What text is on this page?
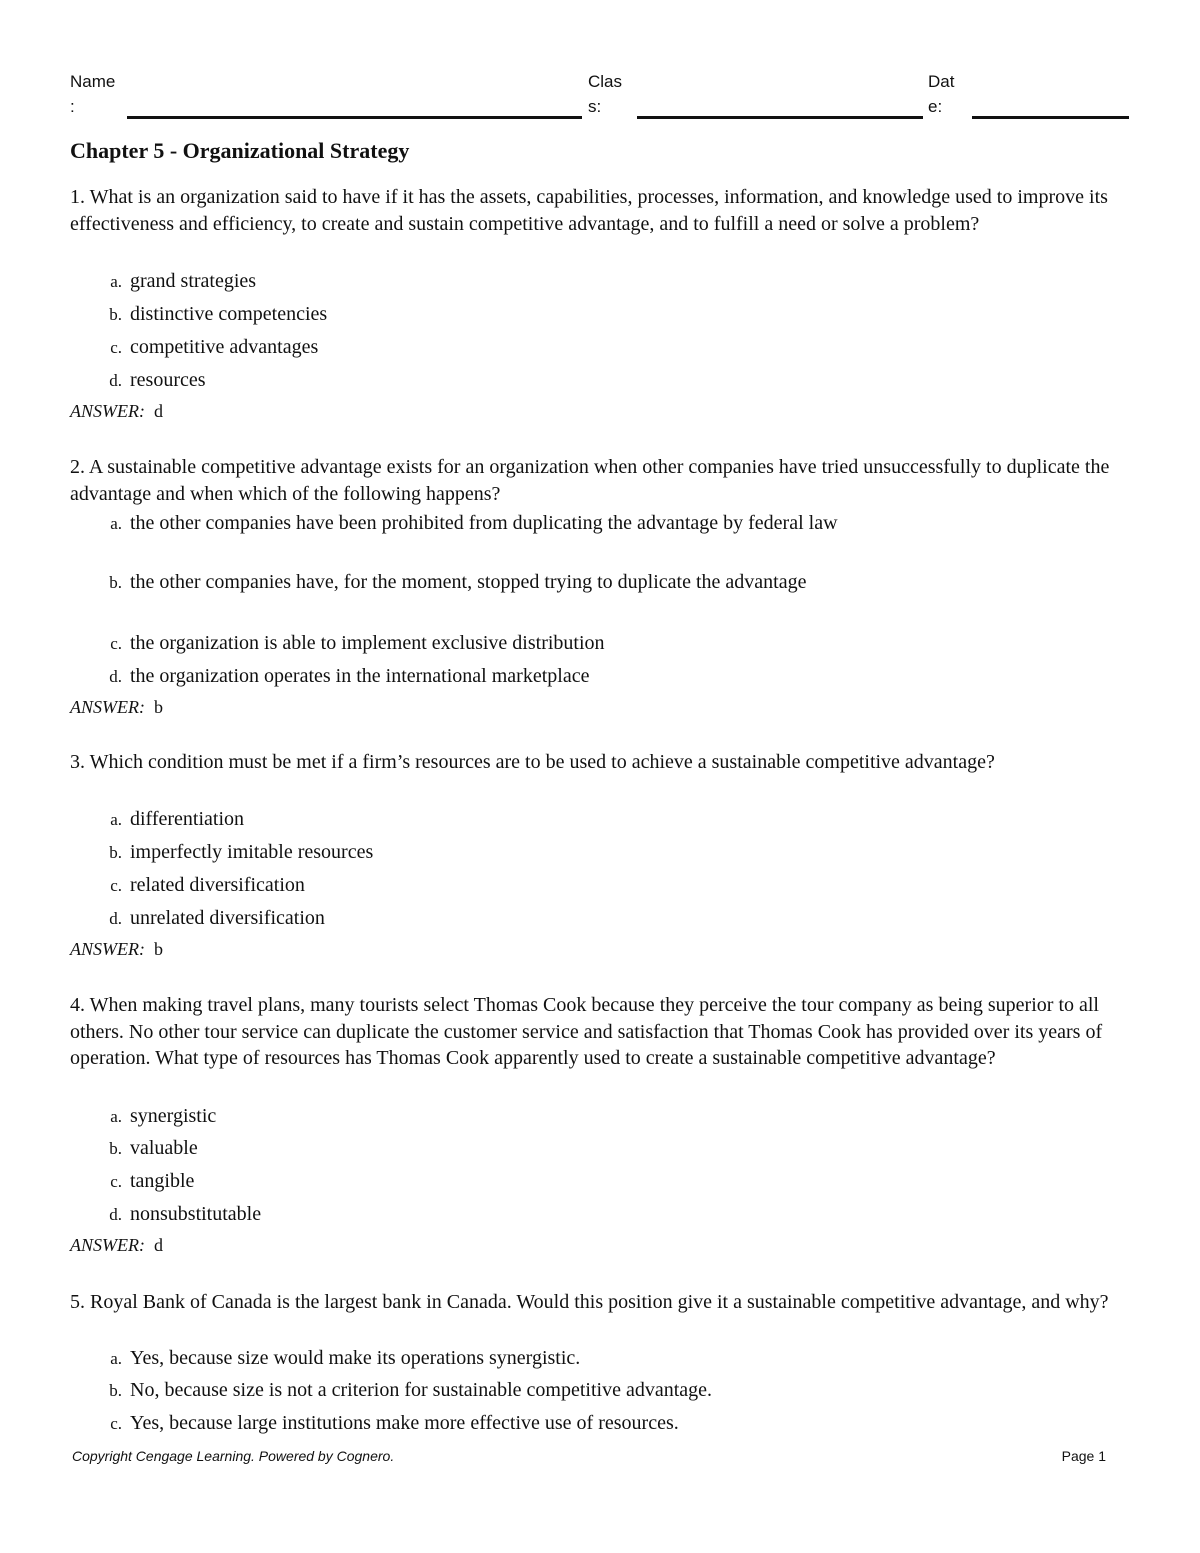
Name
:
Clas
s:
Dat
e:
Chapter 5 - Organizational Strategy
1. What is an organization said to have if it has the assets, capabilities, processes, information, and knowledge used to improve its effectiveness and efficiency, to create and sustain competitive advantage, and to fulfill a need or solve a problem?
a. grand strategies
b. distinctive competencies
c. competitive advantages
d. resources
ANSWER: d
2. A sustainable competitive advantage exists for an organization when other companies have tried unsuccessfully to duplicate the advantage and when which of the following happens?
a. the other companies have been prohibited from duplicating the advantage by federal law
b. the other companies have, for the moment, stopped trying to duplicate the advantage
c. the organization is able to implement exclusive distribution
d. the organization operates in the international marketplace
ANSWER: b
3. Which condition must be met if a firm’s resources are to be used to achieve a sustainable competitive advantage?
a. differentiation
b. imperfectly imitable resources
c. related diversification
d. unrelated diversification
ANSWER: b
4. When making travel plans, many tourists select Thomas Cook because they perceive the tour company as being superior to all others. No other tour service can duplicate the customer service and satisfaction that Thomas Cook has provided over its years of operation. What type of resources has Thomas Cook apparently used to create a sustainable competitive advantage?
a. synergistic
b. valuable
c. tangible
d. nonsubstitutable
ANSWER: d
5. Royal Bank of Canada is the largest bank in Canada. Would this position give it a sustainable competitive advantage, and why?
a. Yes, because size would make its operations synergistic.
b. No, because size is not a criterion for sustainable competitive advantage.
c. Yes, because large institutions make more effective use of resources.
Copyright Cengage Learning. Powered by Cognero.	Page 1
